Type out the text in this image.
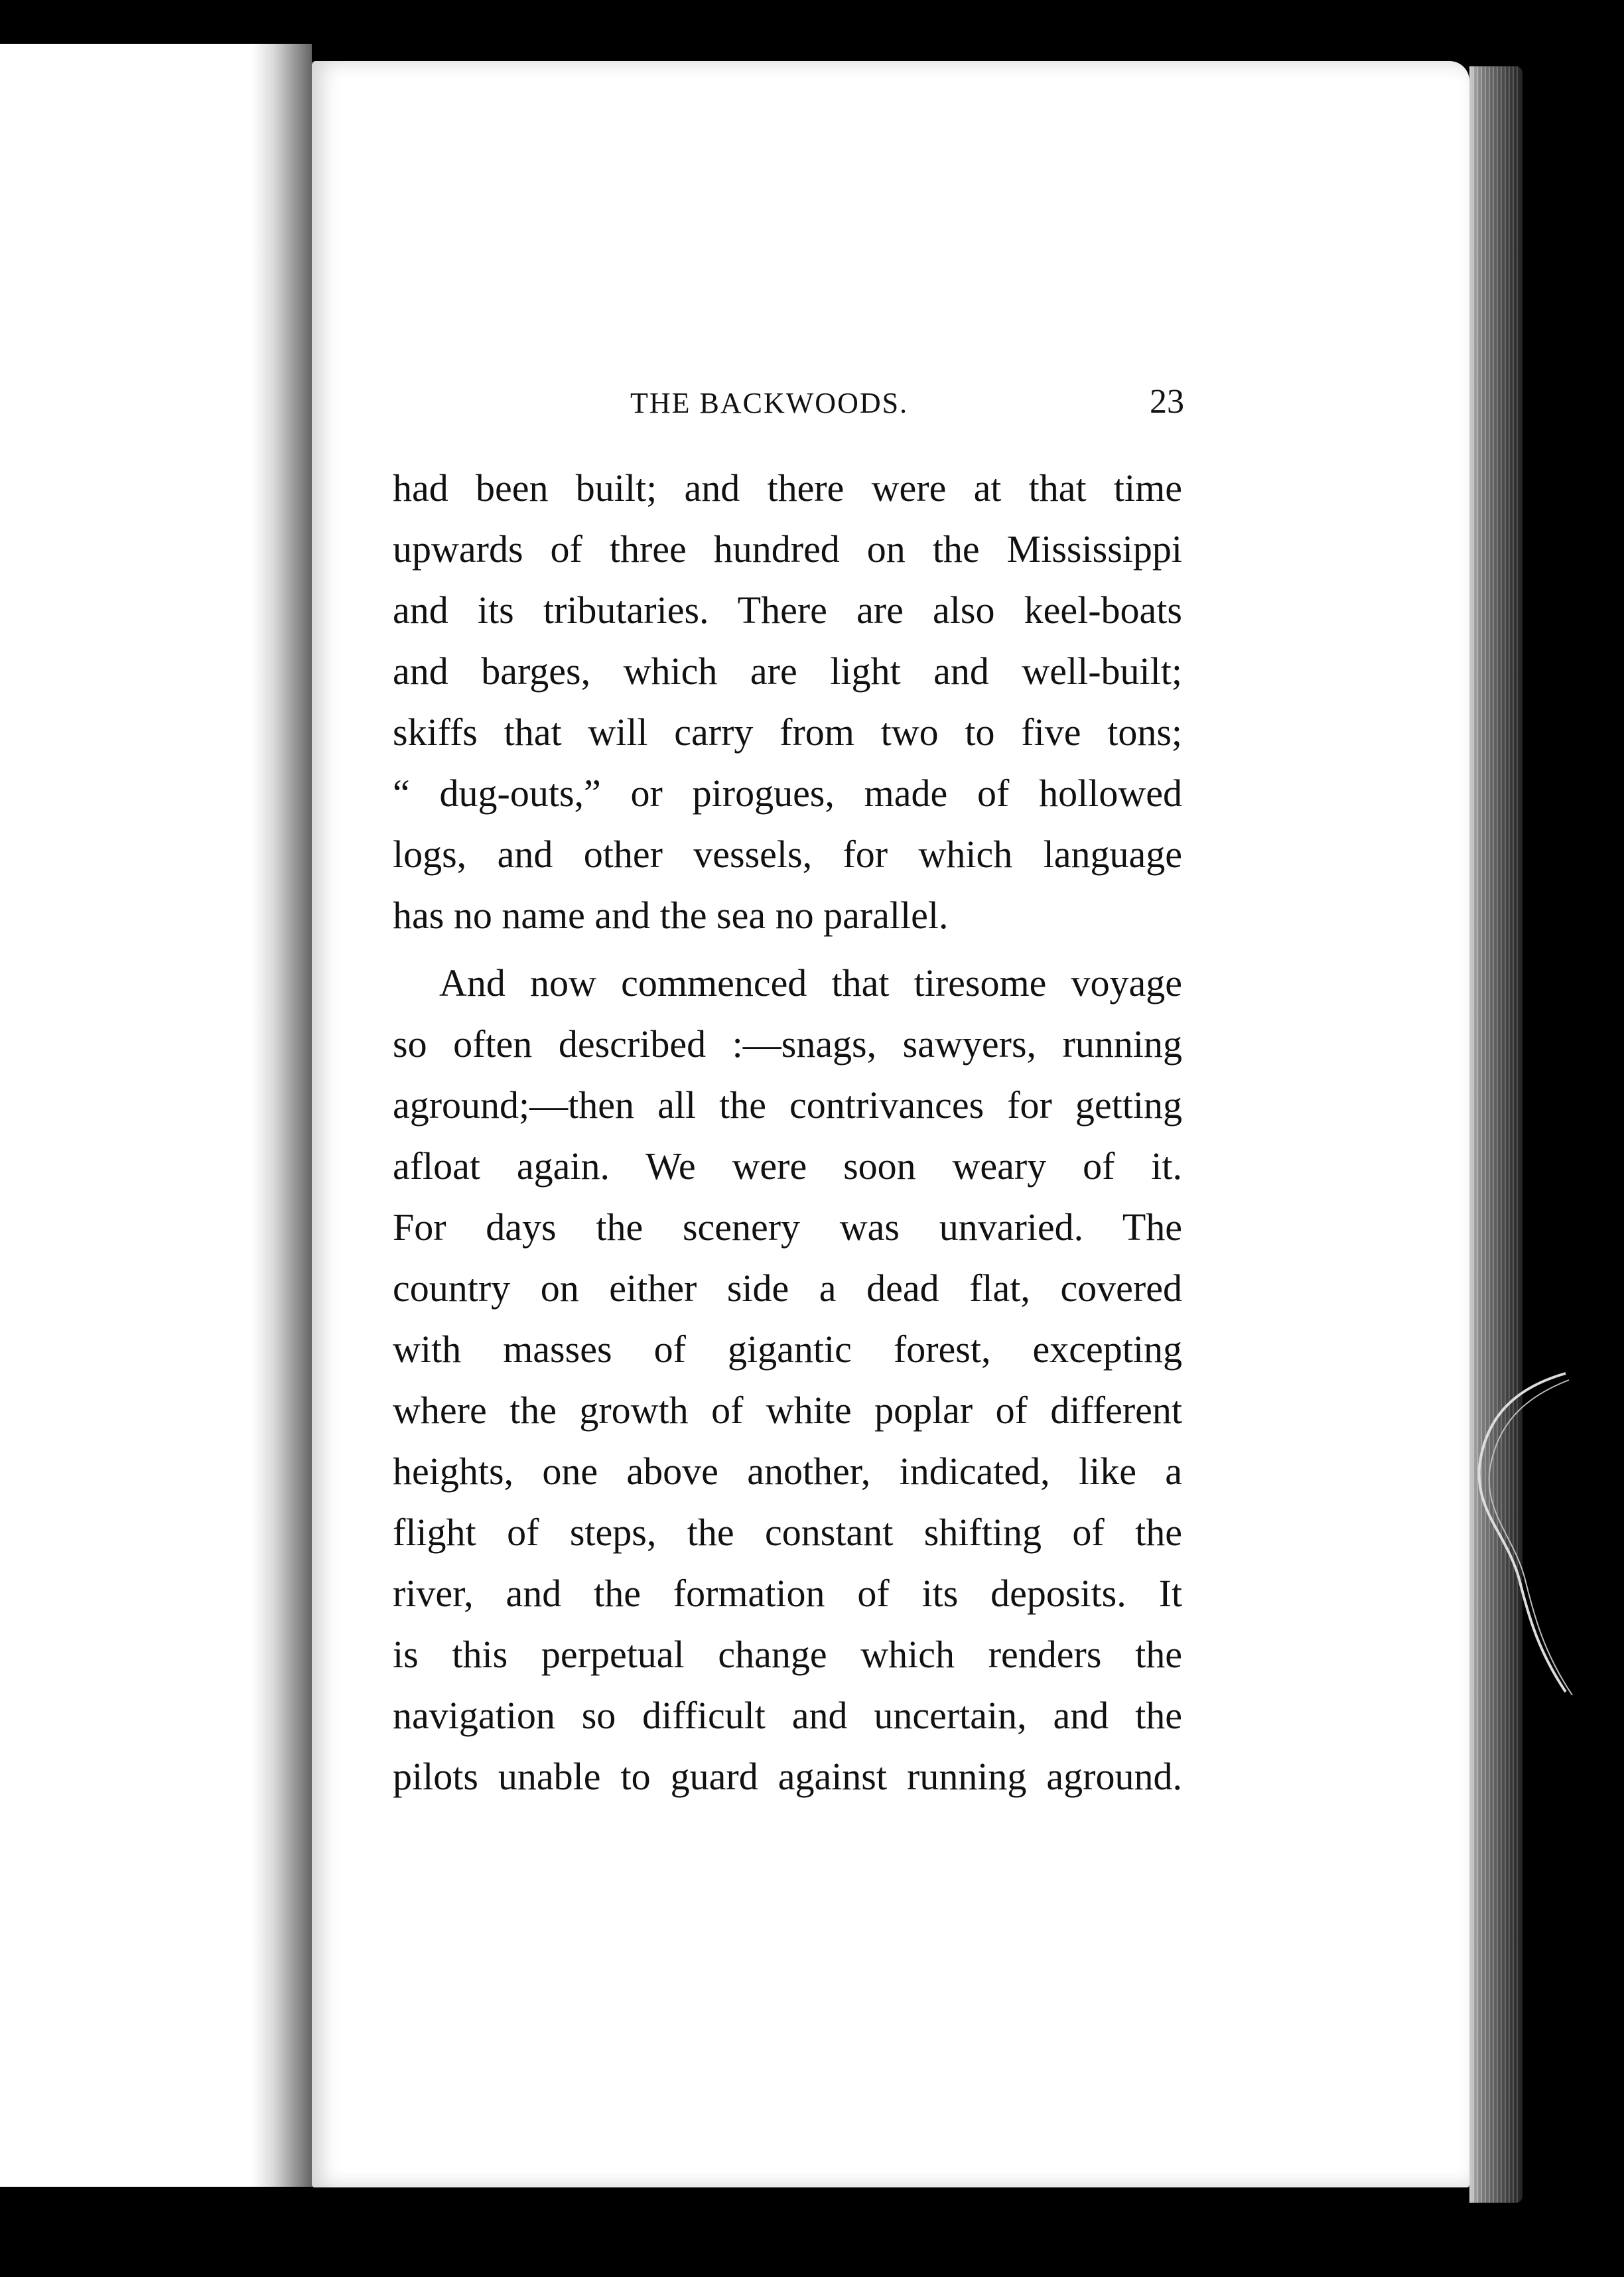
THE BACKWOODS.	23
had been built; and there were at that time
upwards of three hundred on the Mississippi
and its tributaries. There are also keel-boats
and barges, which are light and well-built;
skiffs that will carry from two to five tons;
“ dug-outs,” or pirogues, made of hollowed
logs, and other vessels, for which language
has no name and the sea no parallel.
And now commenced that tiresome voyage
so often described :—snags, sawyers, running
aground;—then all the contrivances for getting
afloat again. We were soon weary of it.
For days the scenery was unvaried. The
country on either side a dead flat, covered
with masses of gigantic forest, excepting
where the growth of white poplar of different
heights, one above another, indicated, like a
flight of steps, the constant shifting of the
river, and the formation of its deposits. It
is this perpetual change which renders the
navigation so difficult and uncertain, and the
pilots unable to guard against running aground.
